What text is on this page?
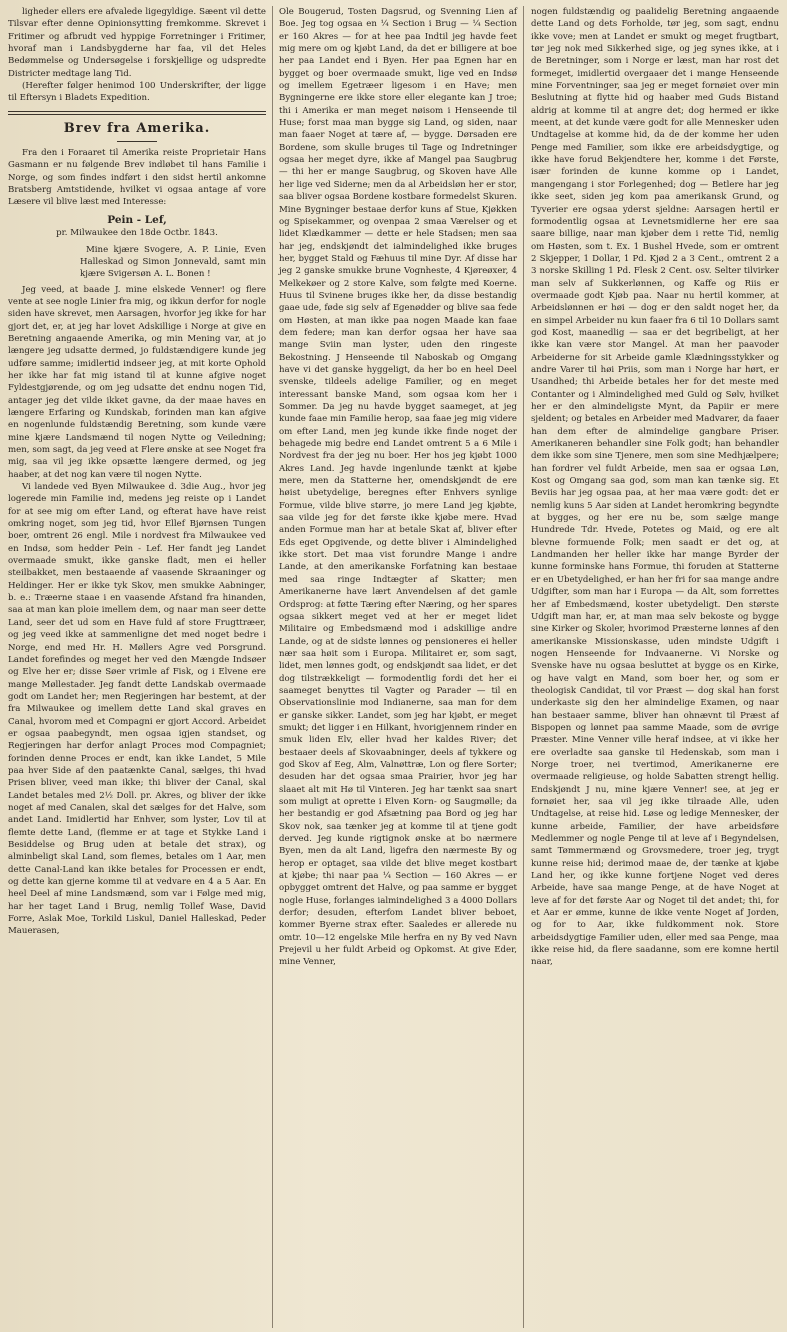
ligheder ellers ere afvalede ligegyldige. Sæent vil dette Tilsvar efter denne Opinionsytting fremkomme. Skrevet i Fritimer og afbrudt ved hyppige Forretninger i Fritimer, hvoraf man i Landsbygderne har faa, vil det Heles Bedømmelse og Undersøgelse i forskjellige og udspredte Districter medtage lang Tid.

(Herefter følger henimod 100 Underskrifter, der ligge til Eftersyn i Bladets Expedition.

Brev fra Amerika.

Fra den i Foraaret til Amerika reiste Proprietair Hans Gasmann er nu følgende Brev indløbet til hans Familie i Norge, og som findes indført i den sidst hertil ankomne Bratsberg Amtstidende, hvilket vi ogsaa antage af vore Læsere vil blive læst med Interesse:

Pein - Lef,
pr. Milwaukee den 18de Octbr. 1843.
Mine kjære Svogere, A. P. Linie, Even Halleskad og Simon Jonnevald, samt min kjære Svigersøn A. L. Bonen !

Jeg veed, at baade J. mine elskede Venner! og flere vente at see nogle Linier fra mig, og ikkun derfor for nogle siden have skrevet, men Aarsagen, hvorfor jeg ikke for har gjort det, er, at jeg har lovet Adskillige i Norge at give en Beretning angaaende Amerika, og min Mening var, at jo længere jeg udsatte dermed, jo fuldstændigere kunde jeg udføre samme; imidlertid indseer jeg, at mit korte Ophold her ikke har fat mig istand til at kunne afgive noget Fyldestgjørende, og om jeg udsatte det endnu nogen Tid, antager jeg det vilde ikket gavne, da der maae haves en længere Erfaring og Kundskab, forinden man kan afgive en nogenlunde fuldstændig Beretning, som kunde være mine kjære Landsmænd til nogen Nytte og Veiledning; men, som sagt, da jeg veed at Flere ønske at see Noget fra mig, saa vil jeg ikke opsætte længere dermed, og jeg haaber, at det nog kan være til nogen Nytte.

Vi landede ved Byen Milwaukee d. 3die Aug., hvor jeg logerede min Familie ind, medens jeg reiste op i Landet for at see mig om efter Land, og efterat have have reist omkring noget, som jeg tid, hvor Ellef Bjørnsen Tungen boer, omtrent 26 engl. Mile i nordvest fra Milwaukee ved en Indsø, som hedder Pein - Lef. Her fandt jeg Landet overmaade smukt, ikke ganske fladt, men ei heller steilbakket, men bestaaende af vaasende Skraaninger og Heldinger. Her er ikke tyk Skov, men smukke Aabninger, b. e.: Træerne staae i en vaasende Afstand fra hinanden, saa at man kan ploie imellem dem, og naar man seer dette Land, seer det ud som en Have fuld af store Frugttræer, og jeg veed ikke at sammenligne det med noget bedre i Norge, end med Hr. H. Møllers Agre ved Porsgrund. Landet forefindes og meget her ved den Mængde Indsøer og Elve her er; disse Søer vrimle af Fisk, og i Elvene ere mange Møllestader. Jeg fandt dette Landskab overmaade godt om Landet her; men Regjeringen har bestemt, at der fra Milwaukee og imellem dette Land skal graves en Canal, hvorom med et Compagni er gjort Accord. Arbeidet er ogsaa paabegyndt, men ogsaa igjen standset, og Regjeringen har derfor anlagt Proces mod Compagniet; forinden denne Proces er endt, kan ikke Landet, 5 Mile paa hver Side af den paatænkte Canal, sælges, thi hvad Prisen bliver, veed man ikke; thi bliver der Canal, skal Landet betales med 2½ Doll. pr. Akres, og bliver der ikke noget af med Canalen, skal det sælges for det Halve, som andet Land. Imidlertid har Enhver, som lyster, Lov til at flemte dette Land, (flemme er at tage et Stykke Land i Besiddelse og Brug uden at betale det strax), og alminbeligt skal Land, som flemes, betales om 1 Aar, men dette Canal-Land kan ikke betales for Processen er endt, og dette kan gjerne komme til at vedvare en 4 a 5 Aar. En heel Deel af mine Landsmænd, som var i Følge med mig, har her taget Land i Brug, nemlig Tollef Wase, David Forre, Aslak Moe, Torkild Liskul, Daniel Halleskad, Peder Mauerasen,

Ole Bougerud, Tosten Dagsrud, og Svenning Lien af Boe. Jeg tog ogsaa en ¼ Section i Brug — ¼ Section er 160 Akres — for at hee paa Indtil jeg havde feet mig mere om og kjøbt Land, da det er billigere at boe her paa Landet end i Byen. Her paa Egnen har en bygget og boer overmaade smukt, lige ved en Indsø og imellem Egetræer ligesom i en Have; men Bygningerne ere ikke store eller elegante kan J troe; thi i Amerika er man meget nøisom i Henseende til Huse; forst maa man bygge sig Land, og siden, naar man faaer Noget at tære af, — bygge. Dørsaden ere Bordene, som skulle bruges til Tage og Indretninger ogsaa her meget dyre, ikke af Mangel paa Saugbrug — thi her er mange Saugbrug, og Skoven have Alle her lige ved Siderne; men da al Arbeidsløn her er stor, saa bliver ogsaa Bordene kostbare formedelst Skuren. Mine Bygninger bestaae derfor kuns af Stue, Kjøkken og Spisekammer, og ovenpaa 2 smaa Værelser og et lidet Klædkammer — dette er hele Stadsen; men saa har jeg, endskjøndt det ialmindelighed ikke bruges her, bygget Stald og Fæhuus til mine Dyr. Af disse har jeg 2 ganske smukke brune Vognheste, 4 Kjøreøxer, 4 Melkekøer og 2 store Kalve, som følgte med Koerne. Huus til Svinene bruges ikke her, da disse bestandig gaae ude, føde sig selv af Egenødder og blive saa fede om Høsten, at man ikke paa nogen Maade kan faae dem federe; man kan derfor ogsaa her have saa mange Sviin man lyster, uden den ringeste Bekostning. J Henseende til Naboskab og Omgang have vi det ganske hyggeligt, da her bo en heel Deel svenske, tildeels adelige Familier, og en meget interessant banske Mand, som ogsaa kom her i Sommer. Da jeg nu havde bygget saameget, at jeg kunde faae min Familie herop, saa faae jeg mig videre om efter Land, men jeg kunde ikke finde noget der behagede mig bedre end Landet omtrent 5 a 6 Mile i Nordvest fra der jeg nu boer. Her hos jeg kjøbt 1000 Akres Land. Jeg havde ingenlunde tænkt at kjøbe mere, men da Statterne her, omendskjøndt de ere høist ubetydelige, beregnes efter Enhvers synlige Formue, vilde blive større, jo mere Land jeg kjøbte, saa vilde jeg for det første ikke kjøbe mere. Hvad anden Formue man har at betale Skat af, bliver efter Eds eget Opgivende, og dette bliver i Almindelighed ikke stort. Det maa vist forundre Mange i andre Lande, at den amerikanske Forfatning kan bestaae med saa ringe Indtægter af Skatter; men Amerikanerne have lært Anvendelsen af det gamle Ordsprog: at føtte Tæring efter Næring, og her spares ogsaa sikkert meget ved at her er meget lidet Militaire og Embedsmænd mod i adskillige andre Lande, og at de sidste lønnes og pensioneres ei heller nær saa høit som i Europa. Militairet er, som sagt, lidet, men lønnes godt, og endskjøndt saa lidet, er det dog tilstrækkeligt — formodentlig fordi det her ei saameget benyttes til Vagter og Parader — til en Observationslinie mod Indianerne, saa man for dem er ganske sikker. Landet, som jeg har kjøbt, er meget smukt; det ligger i en Hilkant, hvorigjennem rinder en smuk liden Elv, eller hvad her kaldes River; det bestaaer deels af Skovaabninger, deels af tykkere og god Skov af Eeg, Alm, Valnøttræ, Lon og flere Sorter; desuden har det ogsaa smaa Prairier, hvor jeg har slaaet alt mit Hø til Vinteren. Jeg har tænkt saa snart som muligt at oprette i Elven Korn- og Saugmølle; da her bestandig er god Afsætning paa Bord og jeg har Skov nok, saa tænker jeg at komme til at tjene godt derved. Jeg kunde rigtignok ønske at bo nærmere Byen, men da alt Land, ligefra den nærmeste By og herop er optaget, saa vilde det blive meget kostbart at kjøbe; thi naar paa ¼ Section — 160 Akres — er opbygget omtrent det Halve, og paa samme er bygget nogle Huse, forlanges ialmindelighed 3 a 4000 Dollars derfor; desuden, efterfom Landet bliver beboet, kommer Byerne strax efter. Saaledes er allerede nu omtr. 10—12 engelske Mile herfra en ny By ved Navn Prejevil u her fuldt Arbeid og Opkomst. At give Eder, mine Venner,

nogen fuldstændig og paalidelig Beretning angaaende dette Land og dets Forholde, tør jeg, som sagt, endnu ikke vove; men at Landet er smukt og meget frugtbart, tør jeg nok med Sikkerhed sige, og jeg synes ikke, at i de Beretninger, som i Norge er læst, man har rost det formeget, imidlertid overgaaer det i mange Henseende mine Forventninger, saa jeg er meget fornøiet over min Beslutning at flytte hid og haaber med Guds Bistand aldrig at komme til at angre det; dog hermed er ikke meent, at det kunde være godt for alle Mennesker uden Undtagelse at komme hid, da de der komme her uden Penge med Familier, som ikke ere arbeidsdygtige, og ikke have forud Bekjendtere her, komme i det Første, især forinden de kunne komme op i Landet, mangengang i stor Forlegenhed; dog — Betlere har jeg ikke seet, siden jeg kom paa amerikansk Grund, og Tyverier ere ogsaa yderst sjeldne: Aarsagen hertil er formodentlig ogsaa at Levnetsmidlerne her ere saa saare billige, naar man kjøber dem i rette Tid, nemlig om Høsten, som t. Ex. 1 Bushel Hvede, som er omtrent 2 Skjepper, 1 Dollar, 1 Pd. Kjød 2 a 3 Cent., omtrent 2 a 3 norske Skilling 1 Pd. Flesk 2 Cent. osv. Selter tilvirker man selv af Sukkerlønnen, og Kaffe og Riis er overmaade godt Kjøb paa. Naar nu hertil kommer, at Arbeidslønnen er høi — dog er den saldt noget her, da en simpel Arbeider nu kun faaer fra 6 til 10 Dollars samt god Kost, maanedlig — saa er det begribeligt, at her ikke kan være stor Mangel. At man her paavoder Arbeiderne for sit Arbeide gamle Klædningsstykker og andre Varer til høi Priis, som man i Norge har hørt, er Usandhed; thi Arbeide betales her for det meste med Contanter og i Almindelighed med Guld og Sølv, hvilket her er den almindeligste Mynt, da Papiir er mere sjeldent; og betales en Arbeider med Madvarer, da faaer han dem efter de almindelige gangbare Priser. Amerikaneren behandler sine Folk godt; han behandler dem ikke som sine Tjenere, men som sine Medhjælpere; han fordrer vel fuldt Arbeide, men saa er ogsaa Løn, Kost og Omgang saa god, som man kan tænke sig. Et Beviis har jeg ogsaa paa, at her maa være godt: det er nemlig kuns 5 Aar siden at Landet heromkring begyndte at bygges, og her ere nu be, som sælge mange Hundrede Tdr. Hvede, Potetes og Maid, og ere alt blevne formuende Folk; men saadt er det og, at Landmanden her heller ikke har mange Byrder der kunne forminske hans Formue, thi foruden at Statterne er en Ubetydelighed, er han her fri for saa mange andre Udgifter, som man har i Europa — da Alt, som forrettes her af Embedsmænd, koster ubetydeligt. Den største Udgift man har, er, at man maa selv bekoste og bygge sine Kirker og Skoler, hvorimod Præsterne lønnes af den amerikanske Missionskasse, uden mindste Udgift i nogen Henseende for Indvaanerne. Vi Norske og Svenske have nu ogsaa besluttet at bygge os en Kirke, og have valgt en Mand, som boer her, og som er theologisk Candidat, til vor Præst — dog skal han forst underkaste sig den her almindelige Examen, og naar han bestaaer samme, bliver han ohnævnt til Præst af Bispopen og lønnet paa samme Maade, som de øvrige Præster. Mine Venner ville heraf indsee, at vi ikke her ere overladte saa ganske til Hedenskab, som man i Norge troer, nei tvertimod, Amerikanerne ere overmaade religieuse, og holde Sabatten strengt hellig. Endskjøndt J nu, mine kjære Venner! see, at jeg er fornøiet her, saa vil jeg ikke tilraade Alle, uden Undtagelse, at reise hid. Løse og ledige Mennesker, der kunne arbeide, Familier, der have arbeidsføre Medlemmer og nogle Penge til at leve af i Begyndelsen, samt Tømmermænd og Grovsmedere, troer jeg, trygt kunne reise hid; derimod maae de, der tænke at kjøbe Land her, og ikke kunne fortjene Noget ved deres Arbeide, have saa mange Penge, at de have Noget at leve af for det første Aar og Noget til det andet; thi, for et Aar er ømme, kunne de ikke vente Noget af Jorden, og for to Aar, ikke fuldkomment nok. Store arbeidsdygtige Familier uden, eller med saa Penge, maa ikke reise hid, da flere saadanne, som ere komne hertil naar,
